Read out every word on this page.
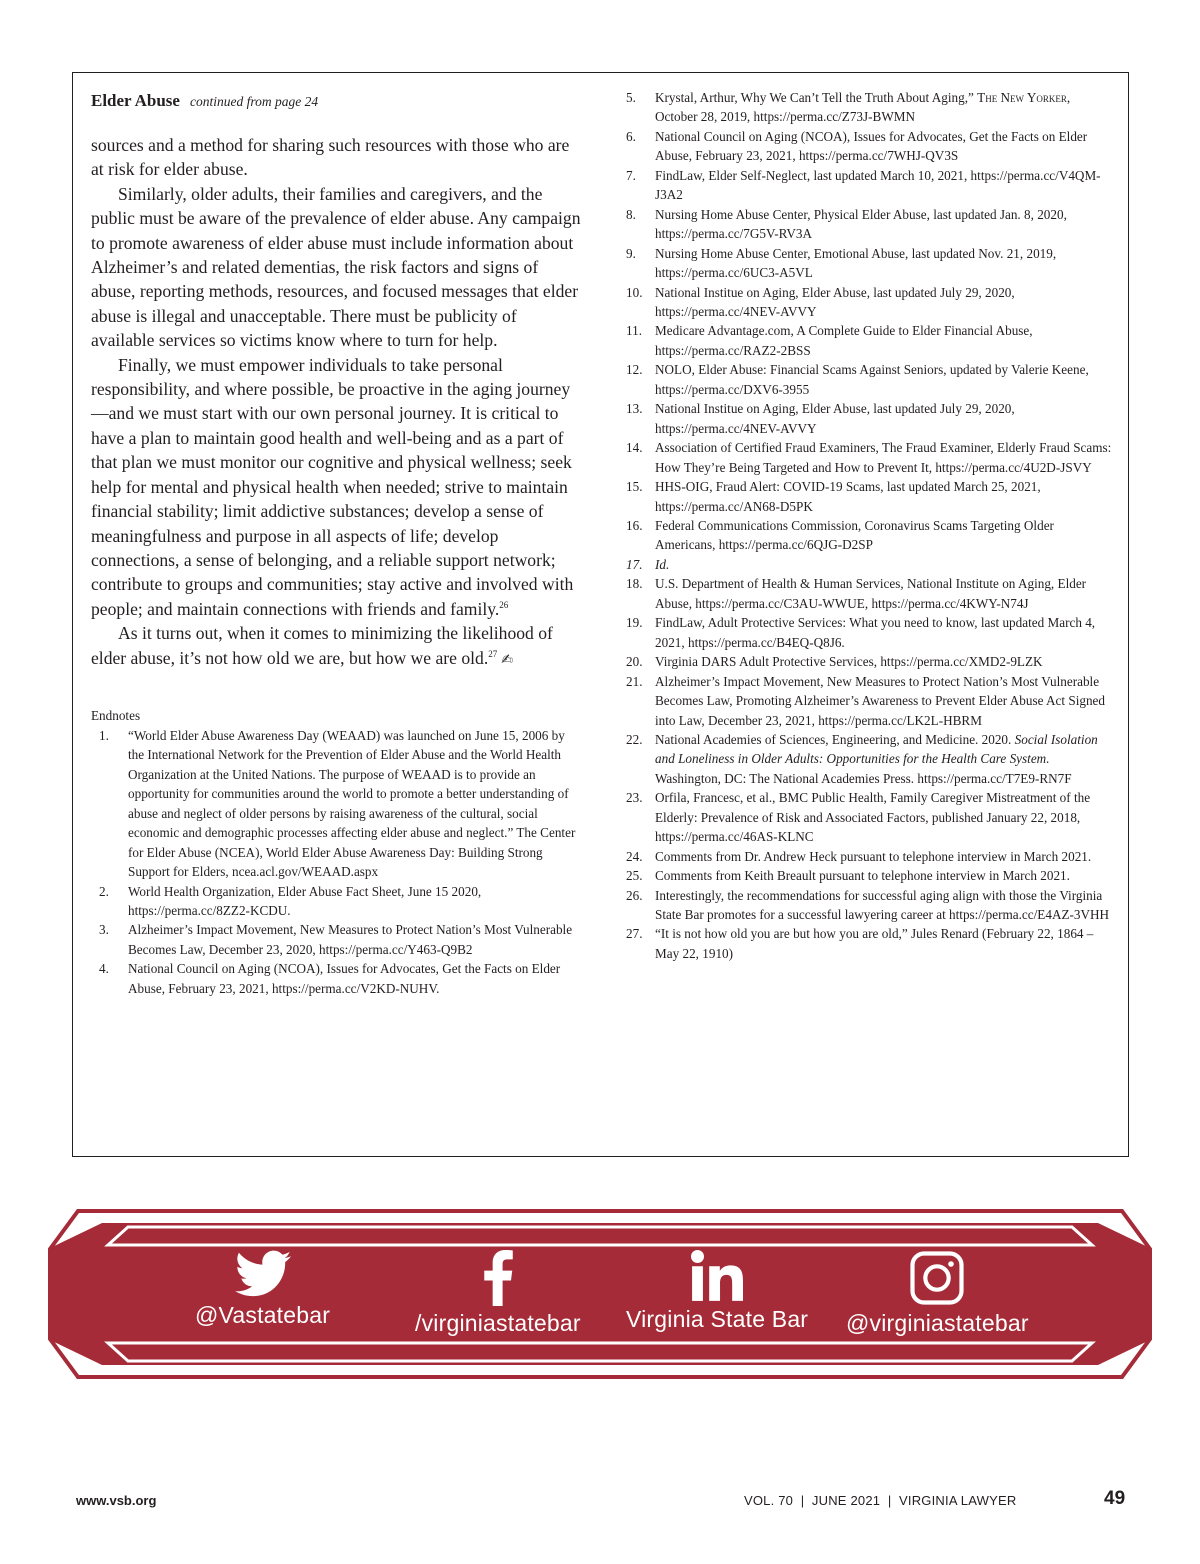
Elder Abuse continued from page 24

sources and a method for sharing such resources with those who are at risk for elder abuse.

Similarly, older adults, their families and caregivers, and the public must be aware of the prevalence of elder abuse. Any campaign to promote awareness of elder abuse must include information about Alzheimer’s and related dementias, the risk factors and signs of abuse, reporting methods, resources, and focused messages that elder abuse is illegal and unacceptable. There must be publicity of available services so victims know where to turn for help.

Finally, we must empower individuals to take personal responsibility, and where possible, be proactive in the aging journey—and we must start with our own personal journey. It is critical to have a plan to maintain good health and well-being and as a part of that plan we must monitor our cognitive and physical wellness; seek help for mental and physical health when needed; strive to maintain financial stability; limit addictive substances; develop a sense of meaningfulness and purpose in all aspects of life; develop connections, a sense of belonging, and a reliable support network; contribute to groups and communities; stay active and involved with people; and maintain connections with friends and family.$^{26}$

As it turns out, when it comes to minimizing the likelihood of elder abuse, it’s not how old we are, but how we are old.$^{27}$ ✍

Endnotes
1.	“World Elder Abuse Awareness Day (WEAAD) was launched on June 15, 2006 by the International Network for the Prevention of Elder Abuse and the World Health Organization at the United Nations. The purpose of WEAAD is to provide an opportunity for communities around the world to promote a better understanding of abuse and neglect of older persons by raising awareness of the cultural, social economic and demographic processes affecting elder abuse and neglect.” The Center for Elder Abuse (NCEA), World Elder Abuse Awareness Day: Building Strong Support for Elders, ncea.acl.gov/WEAAD.aspx
2.	World Health Organization, Elder Abuse Fact Sheet, June 15 2020, https://perma.cc/8ZZ2-KCDU.
3.	Alzheimer’s Impact Movement, New Measures to Protect Nation’s Most Vulnerable Becomes Law, December 23, 2020, https://perma.cc/Y463-Q9B2
4.	National Council on Aging (NCOA), Issues for Advocates, Get the Facts on Elder Abuse, February 23, 2021, https://perma.cc/V2KD-NUHV.
5.	Krystal, Arthur, Why We Can’t Tell the Truth About Aging,” The New Yorker, October 28, 2019, https://perma.cc/Z73J-BWMN
6.	National Council on Aging (NCOA), Issues for Advocates, Get the Facts on Elder Abuse, February 23, 2021, https://perma.cc/7WHJ-QV3S
7.	FindLaw, Elder Self-Neglect, last updated March 10, 2021, https://perma.cc/V4QM-J3A2
8.	Nursing Home Abuse Center, Physical Elder Abuse, last updated Jan. 8, 2020, https://perma.cc/7G5V-RV3A
9.	Nursing Home Abuse Center, Emotional Abuse, last updated Nov. 21, 2019, https://perma.cc/6UC3-A5VL
10. National Institue on Aging, Elder Abuse, last updated July 29, 2020, https://perma.cc/4NEV-AVVY
11. Medicare Advantage.com, A Complete Guide to Elder Financial Abuse, https://perma.cc/RAZ2-2BSS
12. NOLO, Elder Abuse: Financial Scams Against Seniors, updated by Valerie Keene, https://perma.cc/DXV6-3955
13. National Institue on Aging, Elder Abuse, last updated July 29, 2020, https://perma.cc/4NEV-AVVY
14. Association of Certified Fraud Examiners, The Fraud Examiner, Elderly Fraud Scams: How They’re Being Targeted and How to Prevent It, https://perma.cc/4U2D-JSVY
15. HHS-OIG, Fraud Alert: COVID-19 Scams, last updated March 25, 2021, https://perma.cc/AN68-D5PK
16. Federal Communications Commission, Coronavirus Scams Targeting Older Americans, https://perma.cc/6QJG-D2SP
17. Id.
18. U.S. Department of Health & Human Services, National Institute on Aging, Elder Abuse, https://perma.cc/C3AU-WWUE, https://perma.cc/4KWY-N74J
19. FindLaw, Adult Protective Services: What you need to know, last updated March 4, 2021, https://perma.cc/B4EQ-Q8J6.
20. Virginia DARS Adult Protective Services, https://perma.cc/XMD2-9LZK
21. Alzheimer’s Impact Movement, New Measures to Protect Nation’s Most Vulnerable Becomes Law, Promoting Alzheimer’s Awareness to Prevent Elder Abuse Act Signed into Law, December 23, 2021, https://perma.cc/LK2L-HBRM
22. National Academies of Sciences, Engineering, and Medicine. 2020. Social Isolation and Loneliness in Older Adults: Opportunities for the Health Care System. Washington, DC: The National Academies Press. https://perma.cc/T7E9-RN7F
23. Orfila, Francesc, et al., BMC Public Health, Family Caregiver Mistreatment of the Elderly: Prevalence of Risk and Associated Factors, published January 22, 2018, https://perma.cc/46AS-KLNC
24. Comments from Dr. Andrew Heck pursuant to telephone interview in March 2021.
25. Comments from Keith Breault pursuant to telephone interview in March 2021.
26. Interestingly, the recommendations for successful aging align with those the Virginia State Bar promotes for a successful lawyering career at https://perma.cc/E4AZ-3VHH
27. “It is not how old you are but how you are old,” Jules Renard (February 22, 1864 – May 22, 1910)
@Vastatebar	/virginiastatebar Virginia State Bar @virginiastatebar
www.vsb.org	VOL. 70  |  JUNE 2021  |  VIRGINIA LAWYER	49
